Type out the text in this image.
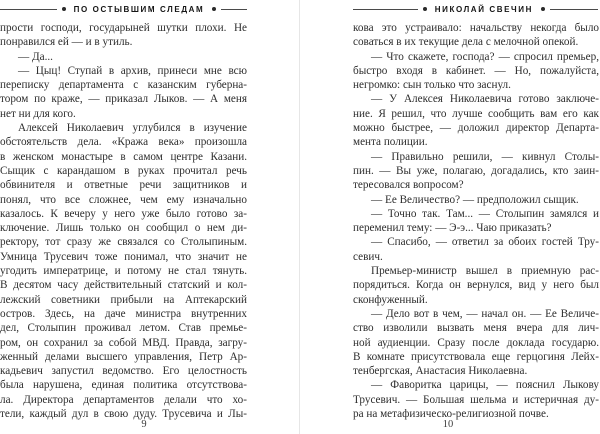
ПО ОСТЫВШИМ СЛЕДАМ
прости господи, государыней шутки плохи. Не
понравился ей — и в утиль.
— Да...
— Цыц! Ступай в архив, принеси мне всю
переписку департамента с казанским губерна-
тором по краже, — приказал Лыков. — А меня
нет ни для кого.
Алексей Николаевич углубился в изучение
обстоятельств дела. «Кража века» произошла
в женском монастыре в самом центре Казани.
Сыщик с карандашом в руках прочитал речь
обвинителя и ответные речи защитников и
понял, что все сложнее, чем ему изначально
казалось. К вечеру у него уже было готово за-
ключение. Лишь только он сообщил о нем ди-
ректору, тот сразу же связался со Столыпиным.
Умница Трусевич тоже понимал, что значит не
угодить императрице, и потому не стал тянуть.
В десятом часу действительный статский и кол-
лежский советники прибыли на Аптекарский
остров. Здесь, на даче министра внутренних
дел, Столыпин проживал летом. Став премье-
ром, он сохранил за собой МВД. Правда, загру-
женный делами высшего управления, Петр Ар-
кадьевич запустил ведомство. Его целостность
была нарушена, единая политика отсутствова-
ла. Директора департаментов делали что хо-
тели, каждый дул в свою дуду. Трусевича и Лы-
9
НИКОЛАЙ СВЕЧИН
кова это устраивало: начальству некогда было
соваться в их текущие дела с мелочной опекой.
— Что скажете, господа? — спросил премьер,
быстро входя в кабинет. — Но, пожалуйста,
негромко: сын только что заснул.
— У Алексея Николаевича готово заключе-
ние. Я решил, что лучше сообщить вам его как
можно быстрее, — доложил директор Департа-
мента полиции.
— Правильно решили, — кивнул Столы-
пин. — Вы уже, полагаю, догадались, кто заин-
тересовался вопросом?
— Ее Величество? — предположил сыщик.
— Точно так. Там... — Столыпин замялся и
переменил тему: — Э-э... Чаю приказать?
— Спасибо, — ответил за обоих гостей Тру-
севич.
Премьер-министр вышел в приемную рас-
порядиться. Когда он вернулся, вид у него был
сконфуженный.
— Дело вот в чем, — начал он. — Ее Величе-
ство изволили вызвать меня вчера для лич-
ной аудиенции. Сразу после доклада государю.
В комнате присутствовала еще герцогиня Лейх-
тенбергская, Анастасия Николаевна.
— Фаворитка царицы, — пояснил Лыкову
Трусевич. — Большая шельма и истеричная ду-
ра на метафизическо-религиозной почве.
10
